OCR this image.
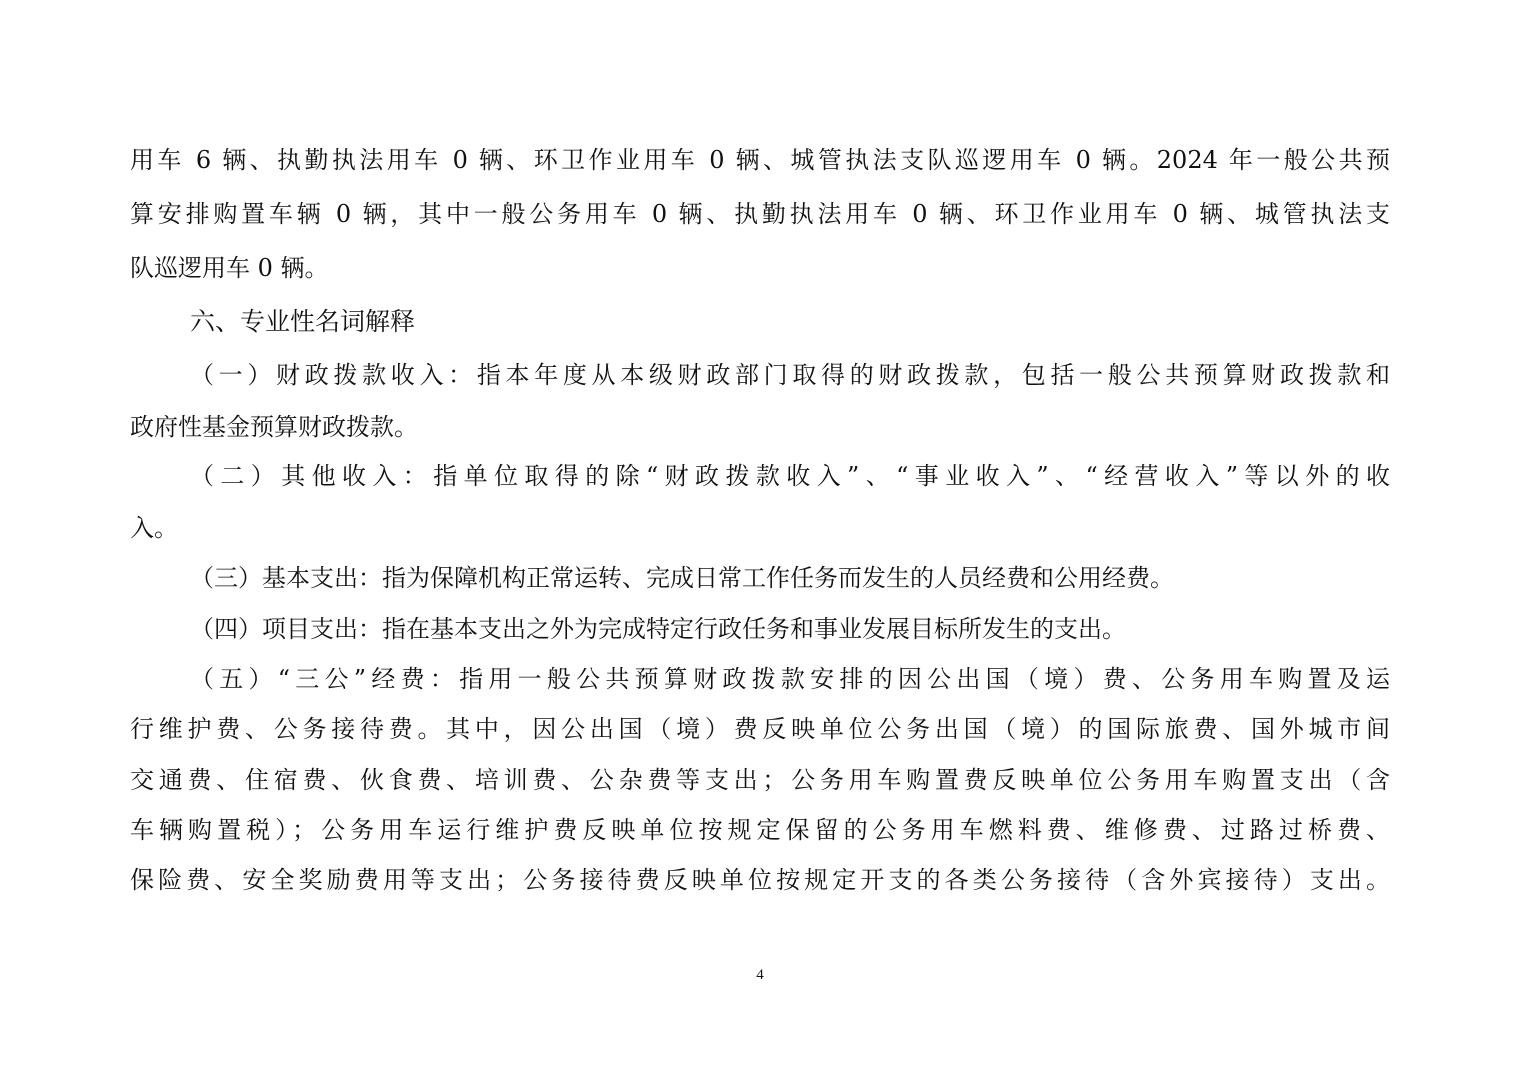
用车 6 辆、执勤执法用车 0 辆、环卫作业用车 0 辆、城管执法支队巡逻用车 0 辆。2024 年一般公共预
算安排购置车辆 0 辆，其中一般公务用车 0 辆、执勤执法用车 0 辆、环卫作业用车 0 辆、城管执法支
队巡逻用车 0 辆。
六、专业性名词解释
（一）财政拨款收入：指本年度从本级财政部门取得的财政拨款，包括一般公共预算财政拨款和
政府性基金预算财政拨款。
（二）其他收入：指单位取得的除“财政拨款收入”、“事业收入”、“经营收入”等以外的收
入。
（三）基本支出：指为保障机构正常运转、完成日常工作任务而发生的人员经费和公用经费。
（四）项目支出：指在基本支出之外为完成特定行政任务和事业发展目标所发生的支出。
（五）“三公”经费：指用一般公共预算财政拨款安排的因公出国（境）费、公务用车购置及运
行维护费、公务接待费。其中，因公出国（境）费反映单位公务出国（境）的国际旅费、国外城市间
交通费、住宿费、伙食费、培训费、公杂费等支出；公务用车购置费反映单位公务用车购置支出（含
车辆购置税）；公务用车运行维护费反映单位按规定保留的公务用车燃料费、维修费、过路过桥费、
保险费、安全奖励费用等支出；公务接待费反映单位按规定开支的各类公务接待（含外宾接待）支出。
4
